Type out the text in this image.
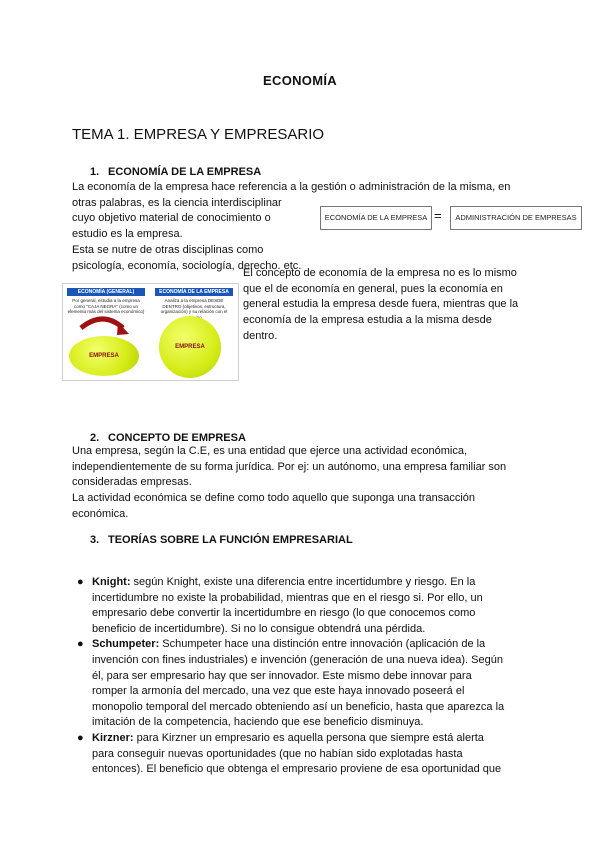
ECONOMÍA
TEMA 1. EMPRESA Y EMPRESARIO
1. ECONOMÍA DE LA EMPRESA
La economía de la empresa hace referencia a la gestión o administración de la misma, en
otras palabras, es la ciencia interdisciplinar
cuyo objetivo material de conocimiento o
estudio es la empresa.
Esta se nutre de otras disciplinas como
psicología, economía, sociología, derecho. etc.
ECONOMÍA DE LA EMPRESA =	ADMINISTRACIÓN DE EMPRESAS
ECONOMÍA (GENERAL)
Por general, estudia a la empresa como "CAJA NEGRA" (como un elemento más del sistema económico)
ECONOMÍA DE LA EMPRESA
Analiza a la empresa DESDE DENTRO (objetivos, estructura, organización) y su relación con el
EMPRESA
EMPRESA
El concepto de economía de la empresa no es lo mismo
que el de economía en general, pues la economía en
general estudia la empresa desde fuera, mientras que la
economía de la empresa estudia a la misma desde
dentro.
2. CONCEPTO DE EMPRESA
Una empresa, según la C.E, es una entidad que ejerce una actividad económica,
independientemente de su forma jurídica. Por ej: un autónomo, una empresa familiar son
consideradas empresas.
La actividad económica se define como todo aquello que suponga una transacción
económica.
3. TEORÍAS SOBRE LA FUNCIÓN EMPRESARIAL
● Knight: según Knight, existe una diferencia entre incertidumbre y riesgo. En la
incertidumbre no existe la probabilidad, mientras que en el riesgo si. Por ello, un
empresario debe convertir la incertidumbre en riesgo (lo que conocemos como
beneficio de incertidumbre). Si no lo consigue obtendrá una pérdida.
● Schumpeter: Schumpeter hace una distinción entre innovación (aplicación de la
invención con fines industriales) e invención (generación de una nueva idea). Según
él, para ser empresario hay que ser innovador. Este mismo debe innovar para
romper la armonía del mercado, una vez que este haya innovado poseerá el
monopolio temporal del mercado obteniendo así un beneficio, hasta que aparezca la
imitación de la competencia, haciendo que ese beneficio disminuya.
● Kirzner: para Kirzner un empresario es aquella persona que siempre está alerta
para conseguir nuevas oportunidades (que no habían sido explotadas hasta
entonces). El beneficio que obtenga el empresario proviene de esa oportunidad que
